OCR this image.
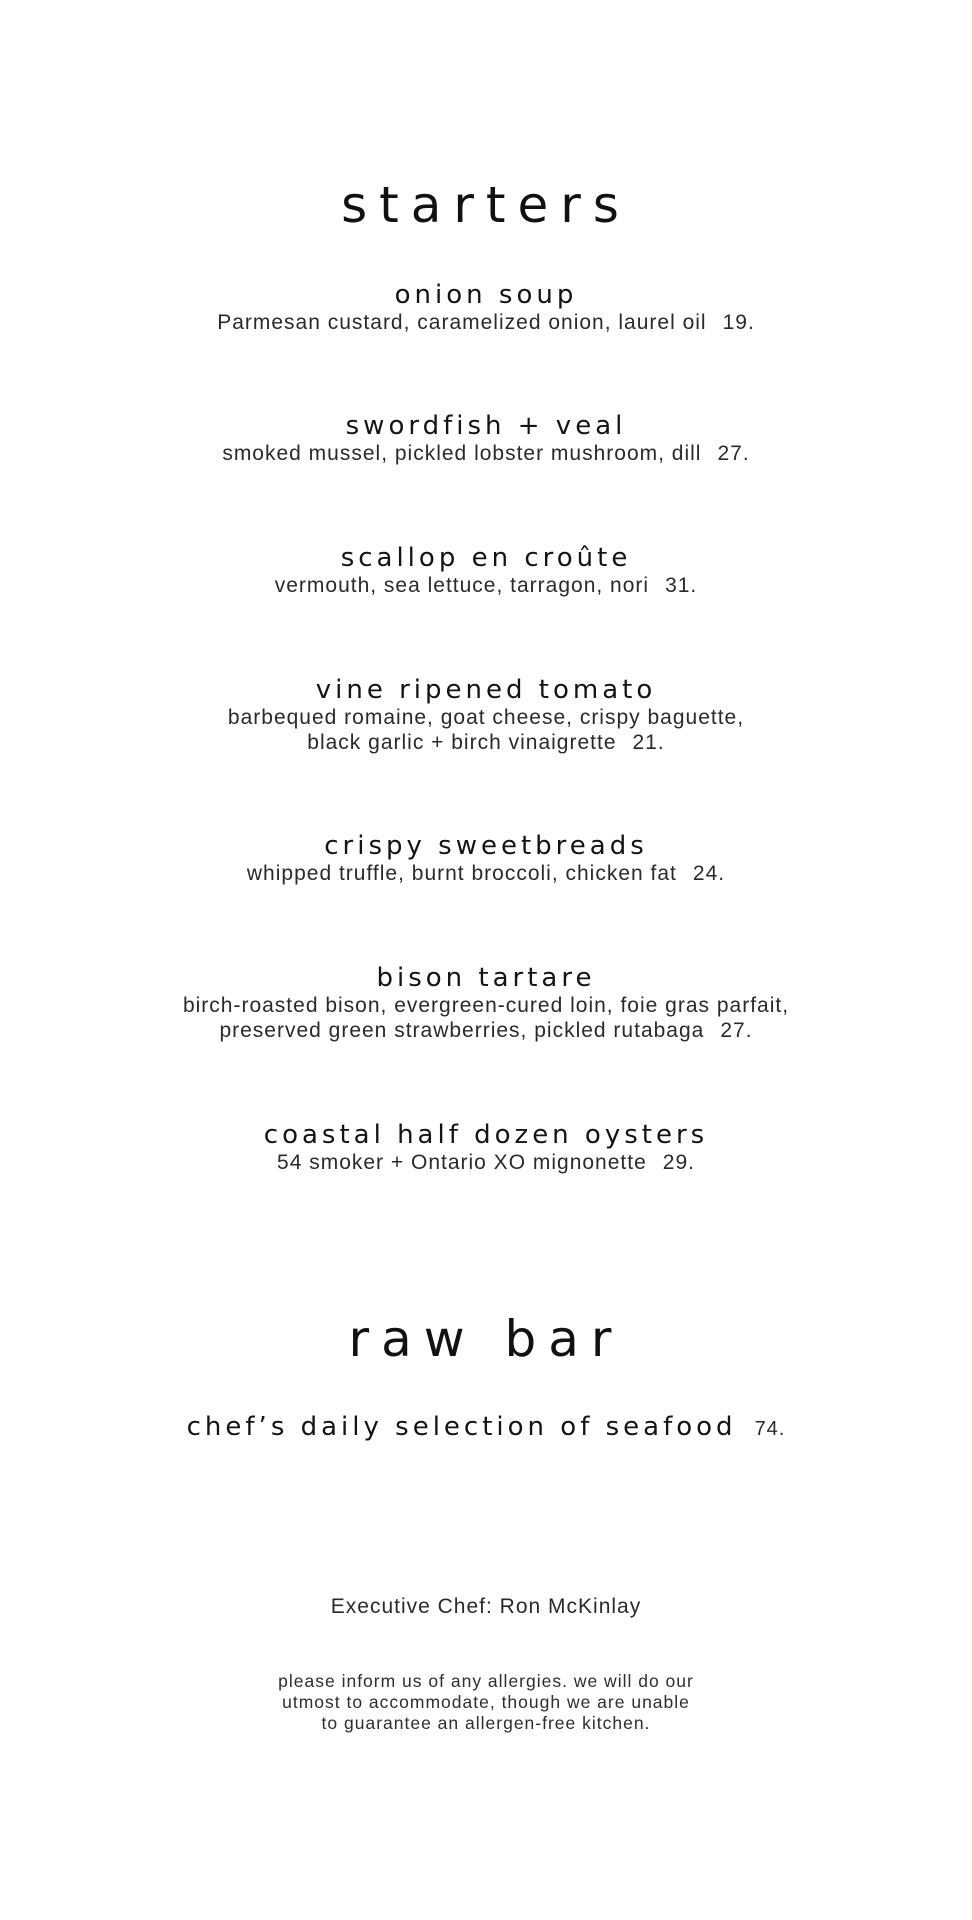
starters
onion soup
Parmesan custard, caramelized onion, laurel oil 19.
swordfish + veal
smoked mussel, pickled lobster mushroom, dill 27.
scallop en croûte
vermouth, sea lettuce, tarragon, nori 31.
vine ripened tomato
barbequed romaine, goat cheese, crispy baguette,
black garlic + birch vinaigrette 21.
crispy sweetbreads
whipped truffle, burnt broccoli, chicken fat 24.
bison tartare
birch-roasted bison, evergreen-cured loin, foie gras parfait,
preserved green strawberries, pickled rutabaga 27.
coastal half dozen oysters
54 smoker + Ontario XO mignonette 29.
raw bar
chef’s daily selection of seafood 74.
Executive Chef: Ron McKinlay
please inform us of any allergies. we will do our
utmost to accommodate, though we are unable
to guarantee an allergen-free kitchen.
